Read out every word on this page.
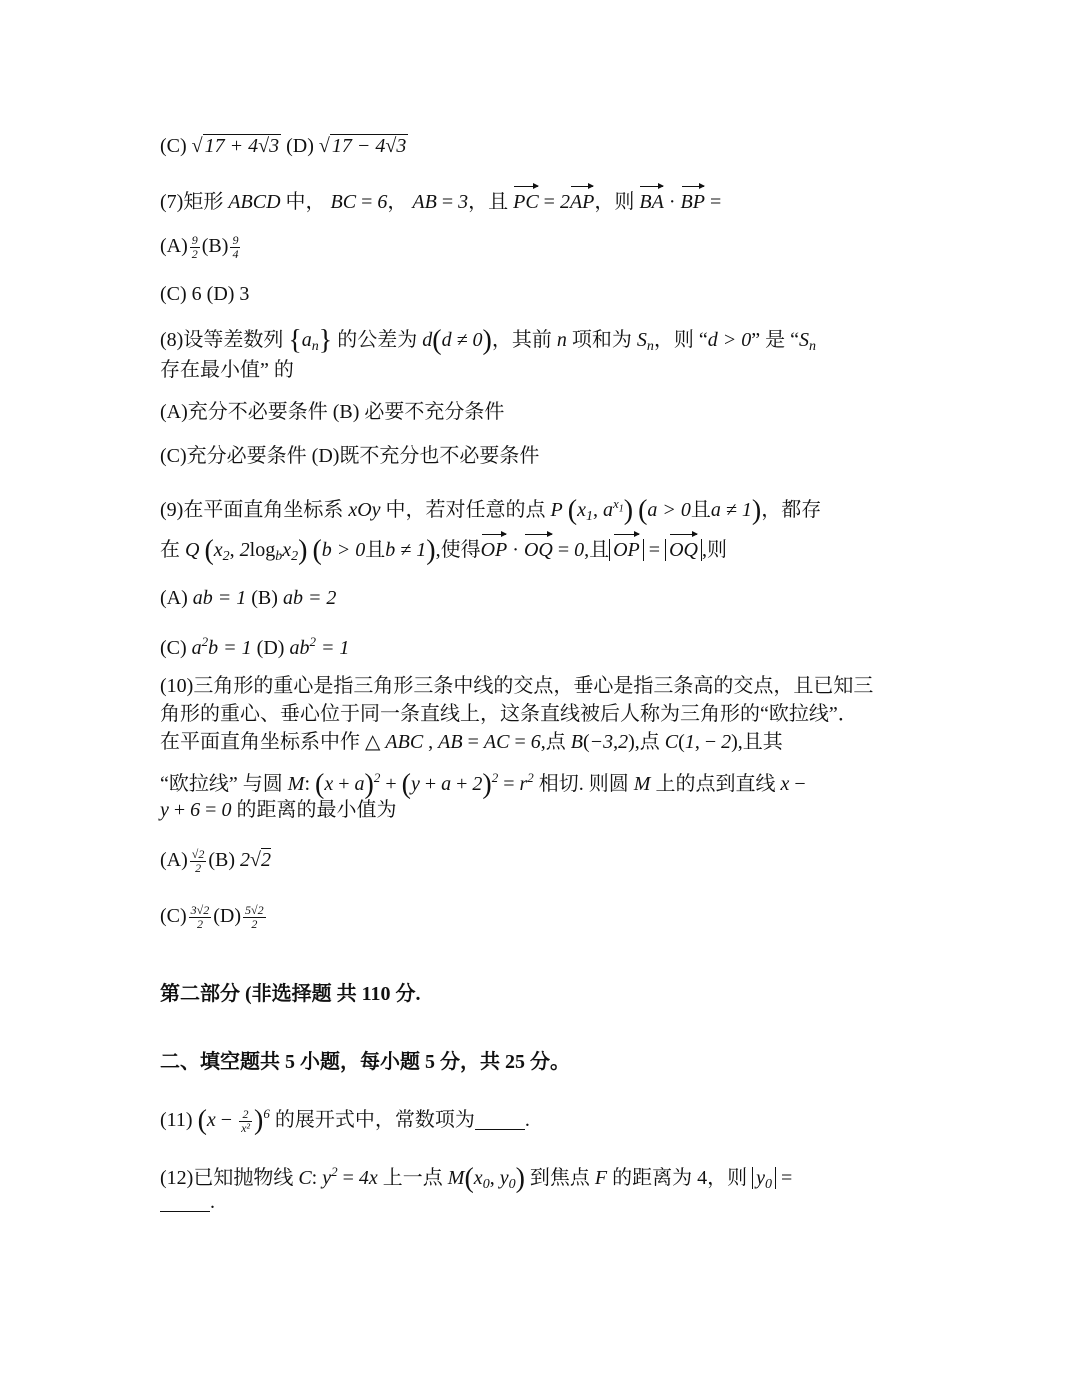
(C) √ 17 + 4√3 (D) √ 17 − 4√3
(7)矩形 ABCD 中， BC = 6， AB = 3，且 PC = 2AP，则 BA · BP =
$(A) \frac{9}{2} (B) \frac{9}{4}$
(C) 6 (D) 3
(8)设等差数列 $\{a_n\}$ 的公差为 d(d ≠ 0)，其前 n 项和为 $S_n$，则 “d > 0” 是 “$S_n$
存在最小值” 的
(A)充分不必要条件 (B) 必要不充分条件
(C)充分必要条件 (D)既不充分也不必要条件
(9)在平面直角坐标系 xOy 中，若对任意的点 P ($x_1$, $a^{x_1}$) (a > 0且a ≠ 1)，都存
在 Q ($x_2$, $2\log_bx_2$) (b > 0且b ≠ 1),使得OP · OQ = 0,且 OP = OQ ,则
(A) ab = 1 (B) ab = 2
(C) $a^2b = 1$ (D) $ab^2 = 1$
(10)三角形的重心是指三角形三条中线的交点，垂心是指三条高的交点，且已知三
角形的重心、垂心位于同一条直线上，这条直线被后人称为三角形的“欧拉线”．
在平面直角坐标系中作 △ ABC , AB = AC = 6,点 B(−3,2),点 C(1, − 2),且其
“欧拉线” 与圆 M: $(x + a)^2 + (y + a + 2)^2 = r^2$ 相切. 则圆 M 上的点到直线 x −
y + 6 = 0 的距离的最小值为
$(A) \frac{√2}{2} (B)$ 2√2
$(C) \frac{3√2}{2} (D) \frac{5√2}{2}$
第二部分 (非选择题 共 110 分.
二、填空题共 5 小题，每小题 5 分，共 25 分。
(11) $(x - \frac{2}{\text{x²}} )^6$ 的展开式中，常数项为	.
(12)已知抛物线 C: $y^2 = 4x$ 上一点 $M(x_0$, $y_0$) 到焦点 F 的距离为 4，则 $y_0$ =
.
